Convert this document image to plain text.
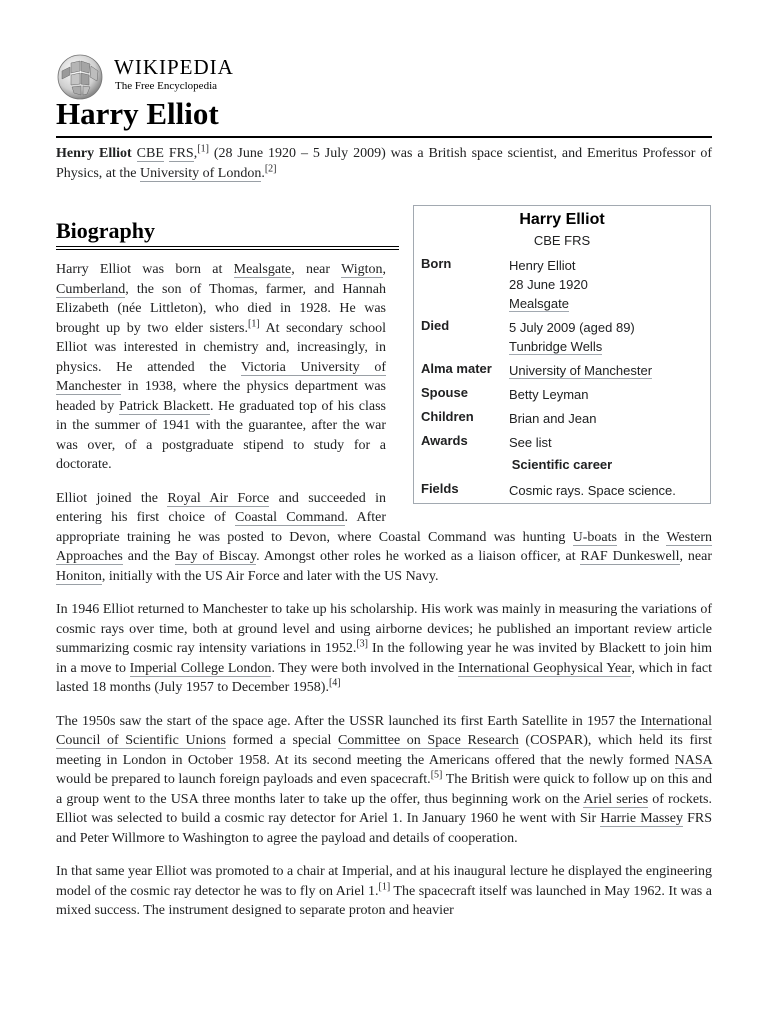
WIKIPEDIA
The Free Encyclopedia
Harry Elliot
Henry Elliot CBE FRS,[1] (28 June 1920 – 5 July 2009) was a British space scientist, and Emeritus Professor of Physics, at the University of London.[2]
Biography

Harry Elliot was born at Mealsgate, near Wigton, Cumberland, the son of Thomas, farmer, and Hannah Elizabeth (née Littleton), who died in 1928. He was brought up by two elder sisters.[1] At secondary school Elliot was interested in chemistry and, increasingly, in physics. He attended the Victoria University of Manchester in 1938, where the physics department was headed by Patrick Blackett. He graduated top of his class in the summer of 1941 with the guarantee, after the war was over, of a postgraduate stipend to study for a doctorate.

Elliot joined the Royal Air Force and succeeded in entering his first choice of Coastal Command. After appropriate training he was posted to Devon, where Coastal Command was hunting U-boats in the Western Approaches and the Bay of Biscay. Amongst other roles he worked as a liaison officer, at RAF Dunkeswell, near Honiton, initially with the US Air Force and later with the US Navy.

In 1946 Elliot returned to Manchester to take up his scholarship. His work was mainly in measuring the variations of cosmic rays over time, both at ground level and using airborne devices; he published an important review article summarizing cosmic ray intensity variations in 1952.[3] In the following year he was invited by Blackett to join him in a move to Imperial College London. They were both involved in the International Geophysical Year, which in fact lasted 18 months (July 1957 to December 1958).[4]

The 1950s saw the start of the space age. After the USSR launched its first Earth Satellite in 1957 the International Council of Scientific Unions formed a special Committee on Space Research (COSPAR), which held its first meeting in London in October 1958. At its second meeting the Americans offered that the newly formed NASA would be prepared to launch foreign payloads and even spacecraft.[5] The British were quick to follow up on this and a group went to the USA three months later to take up the offer, thus beginning work on the Ariel series of rockets. Elliot was selected to build a cosmic ray detector for Ariel 1. In January 1960 he went with Sir Harrie Massey FRS and Peter Willmore to Washington to agree the payload and details of cooperation.

In that same year Elliot was promoted to a chair at Imperial, and at his inaugural lecture he displayed the engineering model of the cosmic ray detector he was to fly on Ariel 1.[1] The spacecraft itself was launched in May 1962. It was a mixed success. The instrument designed to separate proton and heavier

Harry Elliot
CBE FRS
Born	Henry Elliot
28 June 1920
Mealsgate
Died	5 July 2009 (aged 89)
Tunbridge Wells
Alma mater	University of Manchester
Spouse	Betty Leyman
Children	Brian and Jean
Awards	See list
Scientific career
Fields	Cosmic rays. Space science.
